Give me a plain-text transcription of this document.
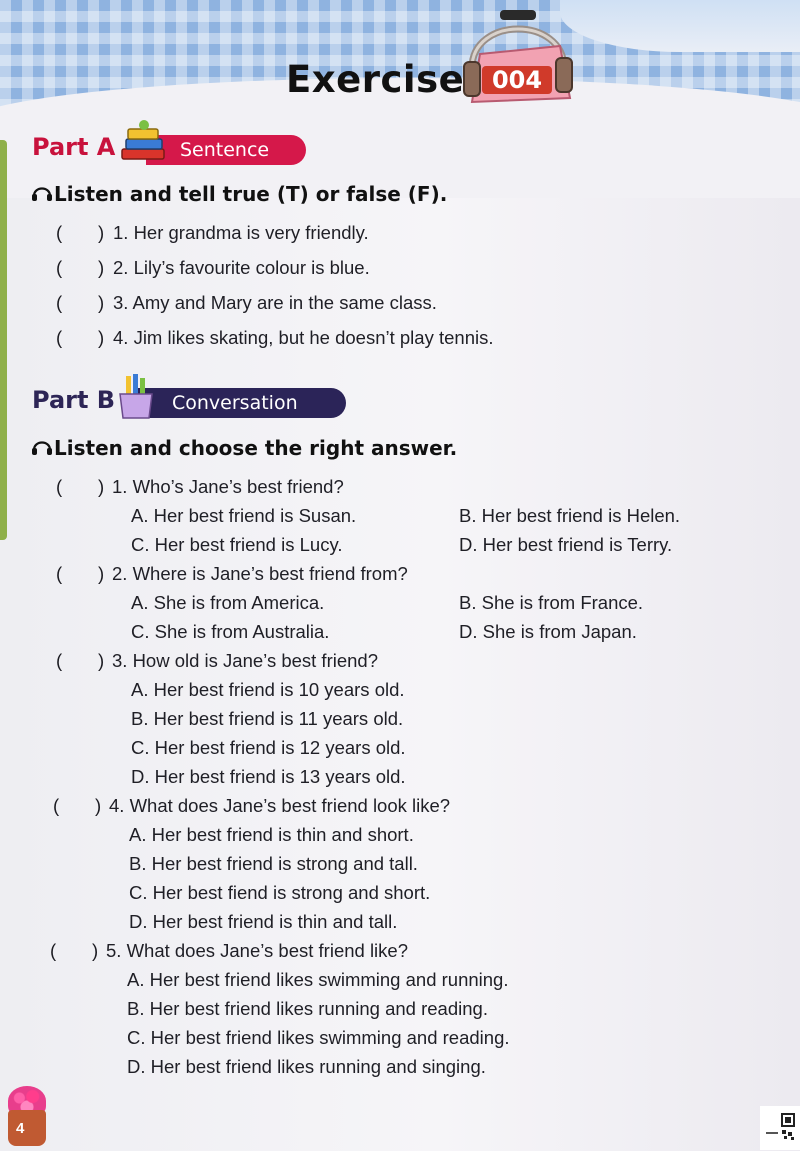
Exercise 004
Sentence
Part A
Listen and tell true (T) or false (F).
( ) 1. Her grandma is very friendly.
( ) 2. Lily’s favourite colour is blue.
( ) 3. Amy and Mary are in the same class.
( ) 4. Jim likes skating, but he doesn’t play tennis.
Conversation
Part B
Listen and choose the right answer.
( ) 1. Who’s Jane’s best friend?
A. Her best friend is Susan.	B. Her best friend is Helen.
C. Her best friend is Lucy.	D. Her best friend is Terry.
( ) 2. Where is Jane’s best friend from?
A. She is from America.	B. She is from France.
C. She is from Australia.	D. She is from Japan.
( ) 3. How old is Jane’s best friend?
A. Her best friend is 10 years old.
B. Her best friend is 11 years old.
C. Her best friend is 12 years old.
D. Her best friend is 13 years old.
( ) 4. What does Jane’s best friend look like?
A. Her best friend is thin and short.
B. Her best friend is strong and tall.
C. Her best fiend is strong and short.
D. Her best friend is thin and tall.
( ) 5. What does Jane’s best friend like?
A. Her best friend likes swimming and running.
B. Her best friend likes running and reading.
C. Her best friend likes swimming and reading.
D. Her best friend likes running and singing.
4
